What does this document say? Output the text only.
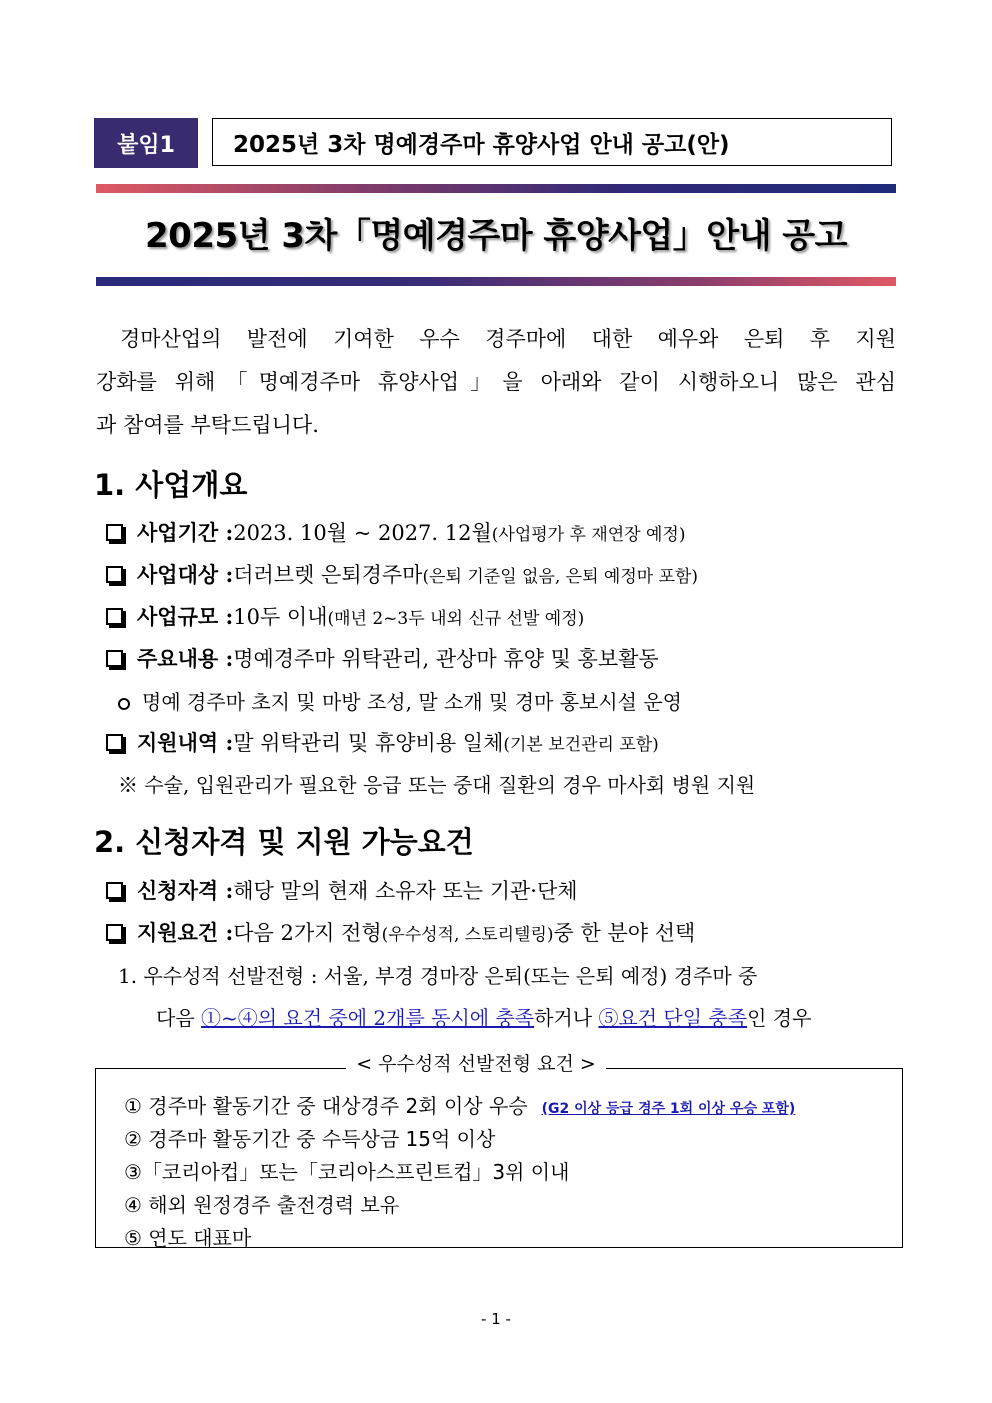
붙임1	2025년 3차 명예경주마 휴양사업 안내 공고(안)
2025년 3차「명예경주마 휴양사업」안내 공고
경마산업의 발전에 기여한 우수 경주마에 대한 예우와 은퇴 후 지원
강화를 위해「명예경주마 휴양사업」을 아래와 같이 시행하오니 많은 관심
과 참여를 부탁드립니다.
1. 사업개요
사업기간 : 2023. 10월 ~ 2027. 12월 (사업평가 후 재연장 예정)
사업대상 : 더러브렛 은퇴경주마 (은퇴 기준일 없음, 은퇴 예정마 포함)
사업규모 : 10두 이내 (매년 2~3두 내외 신규 선발 예정)
주요내용 : 명예경주마 위탁관리, 관상마 휴양 및 홍보활동
명예 경주마 초지 및 마방 조성, 말 소개 및 경마 홍보시설 운영
지원내역 : 말 위탁관리 및 휴양비용 일체 (기본 보건관리 포함)
※ 수술, 입원관리가 필요한 응급 또는 중대 질환의 경우 마사회 병원 지원
2. 신청자격 및 지원 가능요건
신청자격 : 해당 말의 현재 소유자 또는 기관·단체
지원요건 : 다음 2가지 전형 (우수성적, 스토리텔링) 중 한 분야 선택
1. 우수성적 선발전형 : 서울, 부경 경마장 은퇴(또는 은퇴 예정) 경주마 중
다음 ①~④의 요건 중에 2개를 동시에 충족하거나 ⑤요건 단일 충족인 경우
< 우수성적 선발전형 요건 >
① 경주마 활동기간 중 대상경주 2회 이상 우승 (G2 이상 등급 경주 1회 이상 우승 포함)
② 경주마 활동기간 중 수득상금 15억 이상
③「코리아컵」또는「코리아스프린트컵」3위 이내
④ 해외 원정경주 출전경력 보유
⑤ 연도 대표마
- 1 -
